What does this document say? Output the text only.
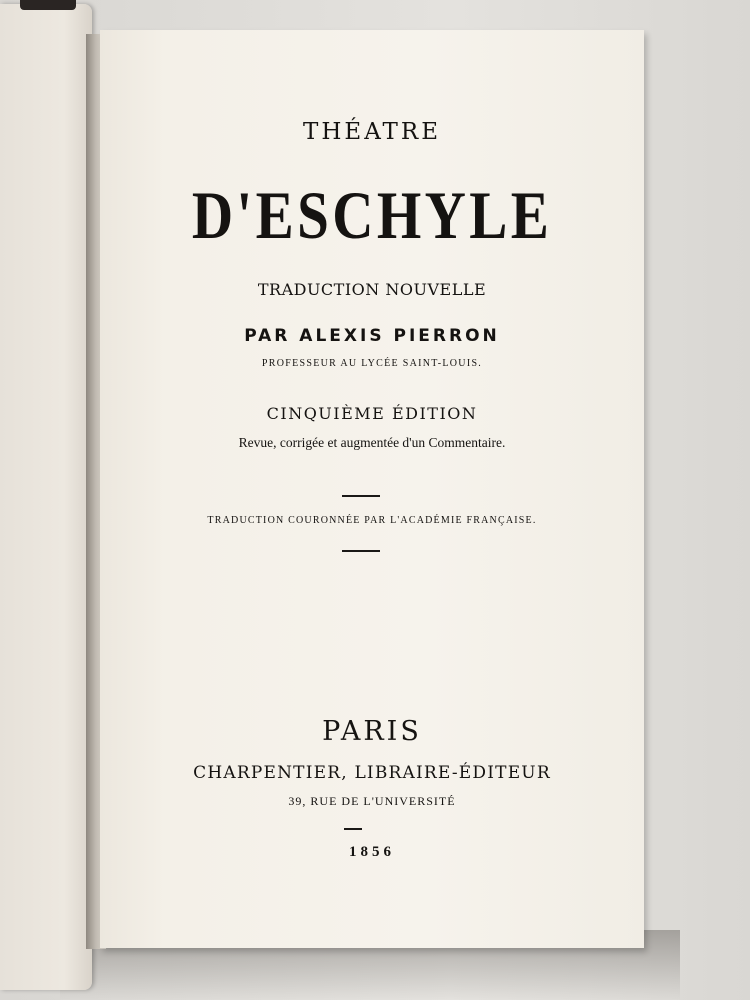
THÉATRE
D'ESCHYLE
TRADUCTION NOUVELLE
PAR ALEXIS PIERRON
PROFESSEUR AU LYCÉE SAINT-LOUIS.
CINQUIÈME ÉDITION
Revue, corrigée et augmentée d'un Commentaire.
TRADUCTION COURONNÉE PAR L'ACADÉMIE FRANÇAISE.
PARIS
CHARPENTIER, LIBRAIRE-ÉDITEUR
39, RUE DE L'UNIVERSITÉ
1856
